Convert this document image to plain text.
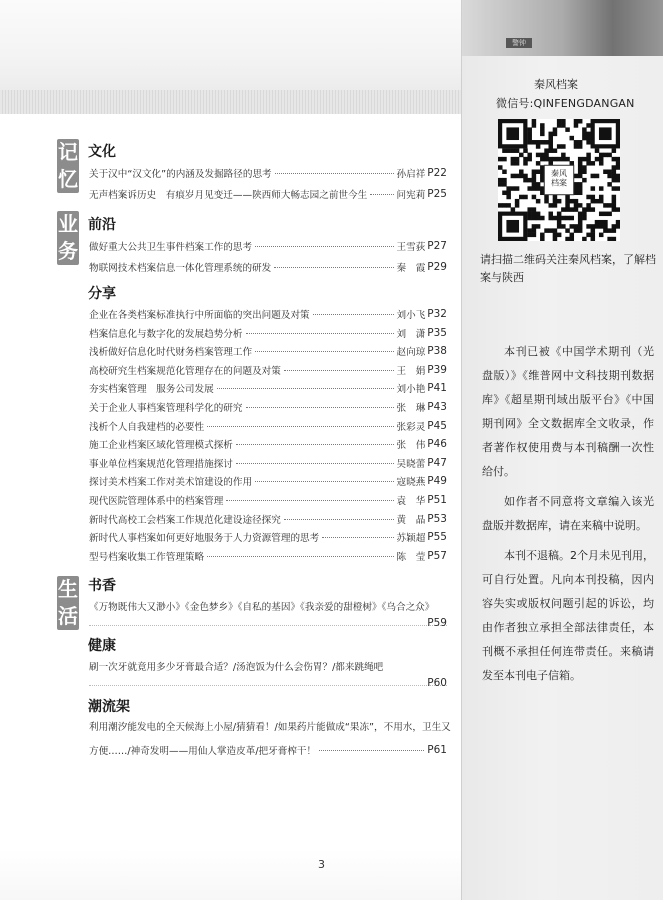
警钟
秦风档案
微信号:QINFENGDANGAN
秦风
档案
请扫描二维码关注秦风档案，了解档案与陕西

本刊已被《中国学术期刊（光盘版）》《维普网中文科技期刊数据库》《超星期刊域出版平台》《中国期刊网》全文数据库全文收录，作者著作权使用费与本刊稿酬一次性给付。

如作者不同意将文章编入该光盘版并数据库，请在来稿中说明。

本刊不退稿。2个月未见刊用，可自行处置。凡向本刊投稿，因内容失实或版权问题引起的诉讼，均由作者独立承担全部法律责任，本刊概不承担任何连带责任。来稿请发至本刊电子信箱。

记
忆
业
务
生
活
文化
关于汉中“汉文化”的内涵及发掘路径的思考	孙启祥 P22
无声档案诉历史　有痕岁月见变迁——陕西师大畅志园之前世今生	问宪莉 P25
前沿
做好重大公共卫生事件档案工作的思考	王雪荻 P27
物联网技术档案信息一体化管理系统的研发	秦　霞 P29
分享
企业在各类档案标准执行中所面临的突出问题及对策	刘小飞 P32
档案信息化与数字化的发展趋势分析	刘　潇 P35
浅析做好信息化时代财务档案管理工作	赵向琼 P38
高校研究生档案规范化管理存在的问题及对策	王　娟 P39
夯实档案管理　服务公司发展	刘小艳 P41
关于企业人事档案管理科学化的研究	张　琳 P43
浅析个人自我建档的必要性	张彩灵 P45
施工企业档案区域化管理模式探析	张　伟 P46
事业单位档案规范化管理措施探讨	吴晓蕾 P47
探讨美术档案工作对美术馆建设的作用	寇晓燕 P49
现代医院管理体系中的档案管理	袁　华 P51
新时代高校工会档案工作规范化建设途径探究	黄　晶 P53
新时代人事档案如何更好地服务于人力资源管理的思考	苏颖超 P55
型号档案收集工作管理策略	陈　莹 P57
书香
《万物既伟大又渺小》《金色梦乡》《自私的基因》《我亲爱的甜橙树》《乌合之众》
P59
健康
刷一次牙就竟用多少牙膏最合适？/汤泡饭为什么会伤胃？/都来跳绳吧
P60
潮流架
利用潮汐能发电的全天候海上小屋/猜猜看！/如果药片能做成“果冻”，不用水，卫生又
方便……/神奇发明——用仙人掌造皮革/把牙膏榨干！	P61
3
